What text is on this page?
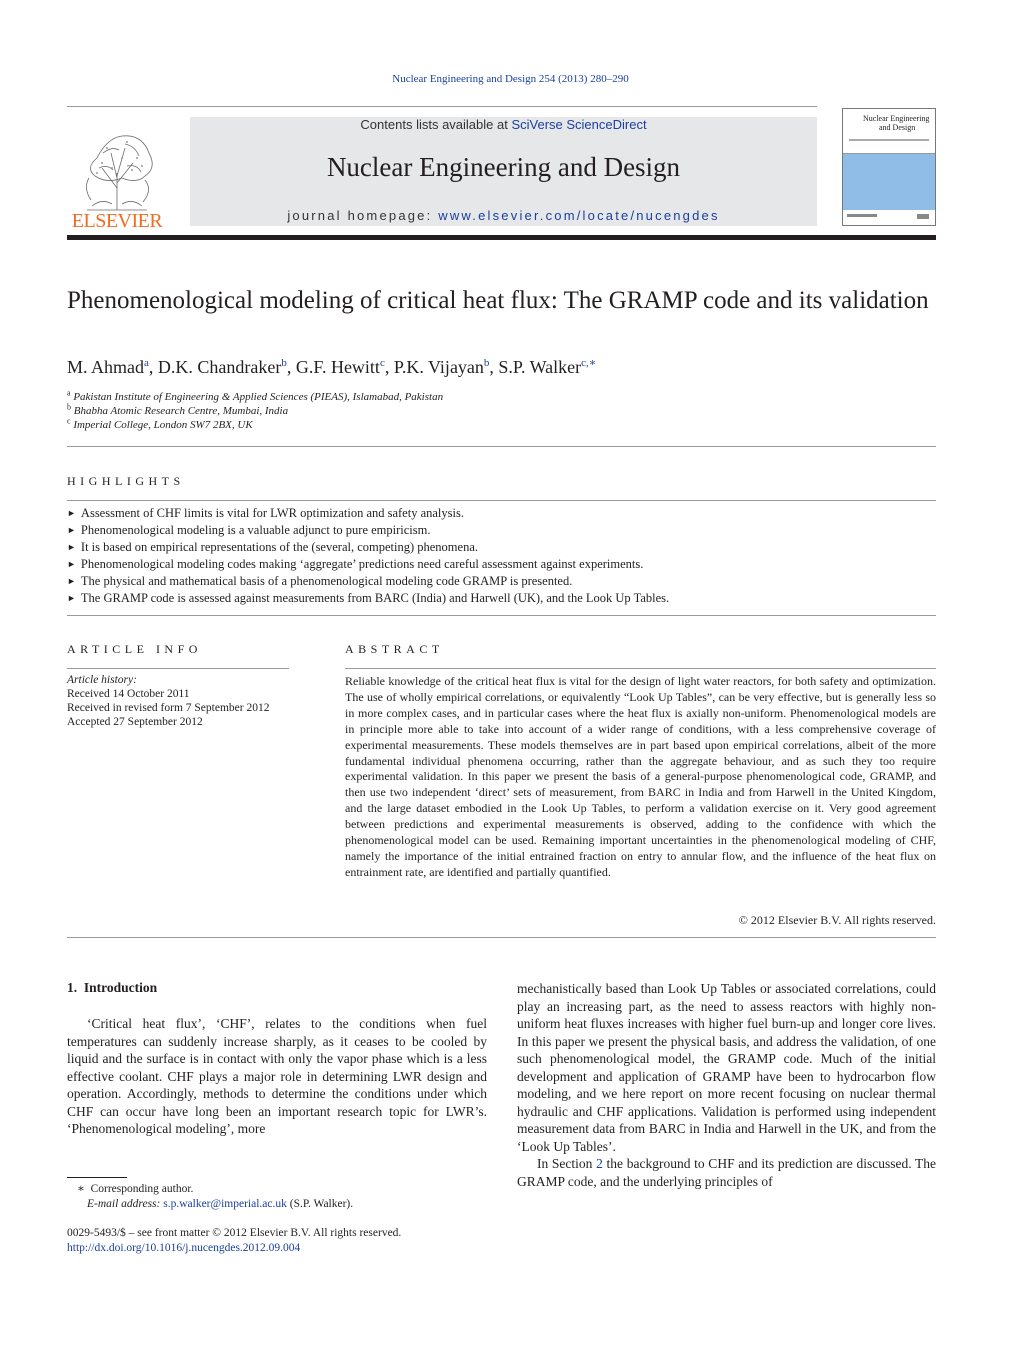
Nuclear Engineering and Design 254 (2013) 280–290
ELSEVIER
Contents lists available at SciVerse ScienceDirect
Nuclear Engineering and Design
journal homepage: www.elsevier.com/locate/nucengdes
Nuclear Engineering
and Design
Phenomenological modeling of critical heat flux: The GRAMP code and its validation
M. Ahmad$^a$, D.K. Chandraker$^b$, G.F. Hewitt$^c$, P.K. Vijayan$^b$, S.P. Walker$^{c,∗}$
$^a$ Pakistan Institute of Engineering & Applied Sciences (PIEAS), Islamabad, Pakistan
$^b$ Bhabha Atomic Research Centre, Mumbai, India
$^c$ Imperial College, London SW7 2BX, UK
HIGHLIGHTS
► Assessment of CHF limits is vital for LWR optimization and safety analysis.
► Phenomenological modeling is a valuable adjunct to pure empiricism.
► It is based on empirical representations of the (several, competing) phenomena.
► Phenomenological modeling codes making ‘aggregate’ predictions need careful assessment against experiments.
► The physical and mathematical basis of a phenomenological modeling code GRAMP is presented.
► The GRAMP code is assessed against measurements from BARC (India) and Harwell (UK), and the Look Up Tables.
ARTICLE INFO
Article history:
Received 14 October 2011
Received in revised form 7 September 2012
Accepted 27 September 2012
ABSTRACT
Reliable knowledge of the critical heat flux is vital for the design of light water reactors, for both safety and optimization. The use of wholly empirical correlations, or equivalently “Look Up Tables”, can be very effective, but is generally less so in more complex cases, and in particular cases where the heat flux is axially non-uniform. Phenomenological models are in principle more able to take into account of a wider range of conditions, with a less comprehensive coverage of experimental measurements. These models themselves are in part based upon empirical correlations, albeit of the more fundamental individual phenomena occurring, rather than the aggregate behaviour, and as such they too require experimental validation. In this paper we present the basis of a general-purpose phenomenological code, GRAMP, and then use two independent ‘direct’ sets of measurement, from BARC in India and from Harwell in the United Kingdom, and the large dataset embodied in the Look Up Tables, to perform a validation exercise on it. Very good agreement between predictions and experimental measurements is observed, adding to the confidence with which the phenomenological model can be used. Remaining important uncertainties in the phenomenological modeling of CHF, namely the importance of the initial entrained fraction on entry to annular flow, and the influence of the heat flux on entrainment rate, are identified and partially quantified.
© 2012 Elsevier B.V. All rights reserved.
1. Introduction
‘Critical heat flux’, ‘CHF’, relates to the conditions when fuel temperatures can suddenly increase sharply, as it ceases to be cooled by liquid and the surface is in contact with only the vapor phase which is a less effective coolant. CHF plays a major role in determining LWR design and operation. Accordingly, methods to determine the conditions under which CHF can occur have long been an important research topic for LWR’s. ‘Phenomenological modeling’, more
mechanistically based than Look Up Tables or associated correlations, could play an increasing part, as the need to assess reactors with highly non-uniform heat fluxes increases with higher fuel burn-up and longer core lives. In this paper we present the physical basis, and address the validation, of one such phenomenological model, the GRAMP code. Much of the initial development and application of GRAMP have been to hydrocarbon flow modeling, and we here report on more recent focusing on nuclear thermal hydraulic and CHF applications. Validation is performed using independent measurement data from BARC in India and Harwell in the UK, and from the ‘Look Up Tables’.
In Section 2 the background to CHF and its prediction are discussed. The GRAMP code, and the underlying principles of
∗ Corresponding author.
E-mail address: s.p.walker@imperial.ac.uk (S.P. Walker).
0029-5493/$ – see front matter © 2012 Elsevier B.V. All rights reserved.
http://dx.doi.org/10.1016/j.nucengdes.2012.09.004
